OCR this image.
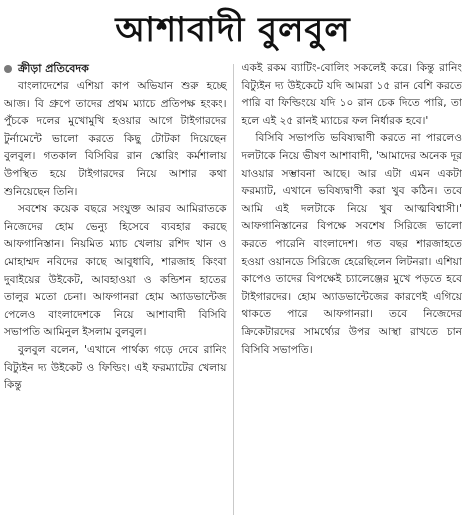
আশাবাদী বুলবুল
ক্রীড়া প্রতিবেদক

বাংলাদেশের এশিয়া কাপ অভিযান শুরু হচ্ছে আজ। বি গ্রুপে তাদের প্রথম ম্যাচে প্রতিপক্ষ হংকং। পুঁচকে দলের মুখোমুখি হওয়ার আগে টাইগারদের টুর্নামেন্টে ভালো করতে কিছু টোটকা দিয়েছেন বুলবুল। গতকাল বিসিবির রান স্কোরিং কর্মশালায় উপস্থিত হয়ে টাইগারদের নিয়ে আশার কথা শুনিয়েছেন তিনি।

সবশেষ কয়েক বছরে সংযুক্ত আরব আমিরাতকে নিজেদের হোম ভেন্যু হিসেবে ব্যবহার করছে আফগানিস্তান। নিয়মিত ম্যাচ খেলায় রশিদ খান ও মোহাম্মদ নবিদের কাছে আবুধাবি, শারজাহ কিংবা দুবাইয়ের উইকেট, আবহাওয়া ও কন্ডিশন হাতের তালুর মতো চেনা। আফগানরা হোম অ্যাডভান্টেজ পেলেও বাংলাদেশকে নিয়ে আশাবাদী বিসিবি সভাপতি আমিনুল ইসলাম বুলবুল।

বুলবুল বলেন, 'এখানে পার্থক্য গড়ে দেবে রানিং বিট্যুইন দ্য উইকেট ও ফিল্ডিং। এই ফরম্যাটের খেলায় কিন্তু

একই রকম ব্যাটিং-বোলিং সকলেই করে। কিন্তু রানিং বিট্যুইন দ্য উইকেটে যদি আমরা ১৫ রান বেশি করতে পারি বা ফিল্ডিংয়ে যদি ১০ রান চেক দিতে পারি, তা হলে এই ২৫ রানই ম্যাচের ফল নির্ধারক হবে।'

বিসিবি সভাপতি ভবিষ্যদ্বাণী করতে না পারলেও দলটাকে নিয়ে ভীষণ আশাবাদী, 'আমাদের অনেক দূর যাওয়ার সম্ভাবনা আছে। আর এটা এমন একটা ফরম্যাট, এখানে ভবিষ্যদ্বাণী করা খুব কঠিন। তবে আমি এই দলটাকে নিয়ে খুব আত্মবিশ্বাসী।' আফগানিস্তানের বিপক্ষে সবশেষ সিরিজে ভালো করতে পারেনি বাংলাদেশ। গত বছর শারজাহতে হওয়া ওয়ানডে সিরিজে হেরেছিলেন লিটনরা। এশিয়া কাপেও তাদের বিপক্ষেই চ্যালেঞ্জের মুখে পড়তে হবে টাইগারদের। হোম অ্যাডভান্টেজের কারণেই এগিয়ে থাকতে পারে আফগানরা। তবে নিজেদের ক্রিকেটারদের সামর্থ্যের উপর আস্থা রাখতে চান বিসিবি সভাপতি।
